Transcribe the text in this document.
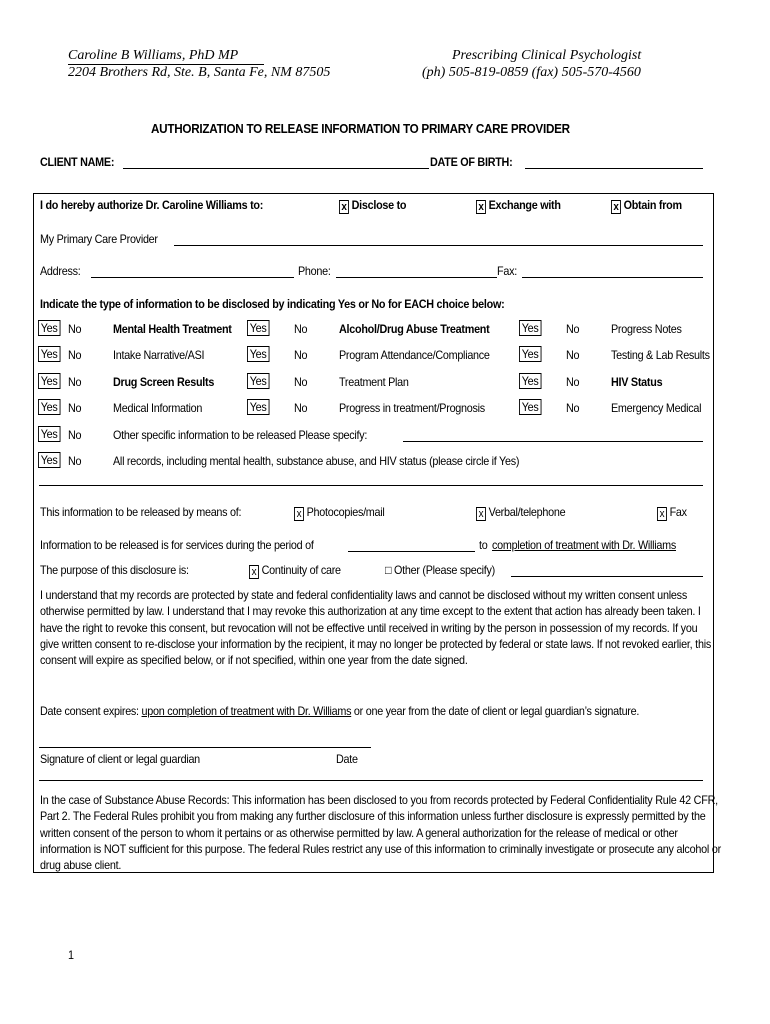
Caroline B Williams, PhD MP
2204 Brothers Rd, Ste. B, Santa Fe, NM 87505
Prescribing Clinical Psychologist
(ph) 505-819-0859 (fax) 505-570-4560
AUTHORIZATION TO RELEASE INFORMATION TO PRIMARY CARE PROVIDER
CLIENT NAME:	DATE OF BIRTH:
I do hereby authorize Dr. Caroline Williams to:	x Disclose to	x Exchange with	x Obtain from
My Primary Care Provider
Address:	Phone:	Fax:
Indicate the type of information to be disclosed by indicating Yes or No for EACH choice below:
Yes No	Mental Health Treatment Yes No	Alcohol/Drug Abuse Treatment	Yes No	Progress Notes
Yes No	Intake Narrative/ASI	Yes No	Program Attendance/Compliance	Yes No	Testing & Lab Results
Yes No	Drug Screen Results	Yes No	Treatment Plan	Yes No	HIV Status
Yes No	Medical Information	Yes No	Progress in treatment/Prognosis	Yes No	Emergency Medical
Yes No	Other specific information to be released Please specify:
Yes No	All records, including mental health, substance abuse, and HIV status (please circle if Yes)
This information to be released by means of:	x Photocopies/mail	x Verbal/telephone	x Fax
Information to be released is for services during the period of	to completion of treatment with Dr. Williams
The purpose of this disclosure is:	x Continuity of care	□ Other (Please specify)
I understand that my records are protected by state and federal confidentiality laws and cannot be disclosed without my written consent unless otherwise permitted by law. I understand that I may revoke this authorization at any time except to the extent that action has already been taken. I have the right to revoke this consent, but revocation will not be effective until received in writing by the person in possession of my records. If you give written consent to re-disclose your information by the recipient, it may no longer be protected by federal or state laws. If not revoked earlier, this consent will expire as specified below, or if not specified, within one year from the date signed.
Date consent expires: upon completion of treatment with Dr. Williams or one year from the date of client or legal guardian’s signature.
Signature of client or legal guardian	Date
In the case of Substance Abuse Records: This information has been disclosed to you from records protected by Federal Confidentiality Rule 42 CFR, Part 2. The Federal Rules prohibit you from making any further disclosure of this information unless further disclosure is expressly permitted by the written consent of the person to whom it pertains or as otherwise permitted by law. A general authorization for the release of medical or other information is NOT sufficient for this purpose. The federal Rules restrict any use of this information to criminally investigate or prosecute any alcohol or drug abuse client.
1
